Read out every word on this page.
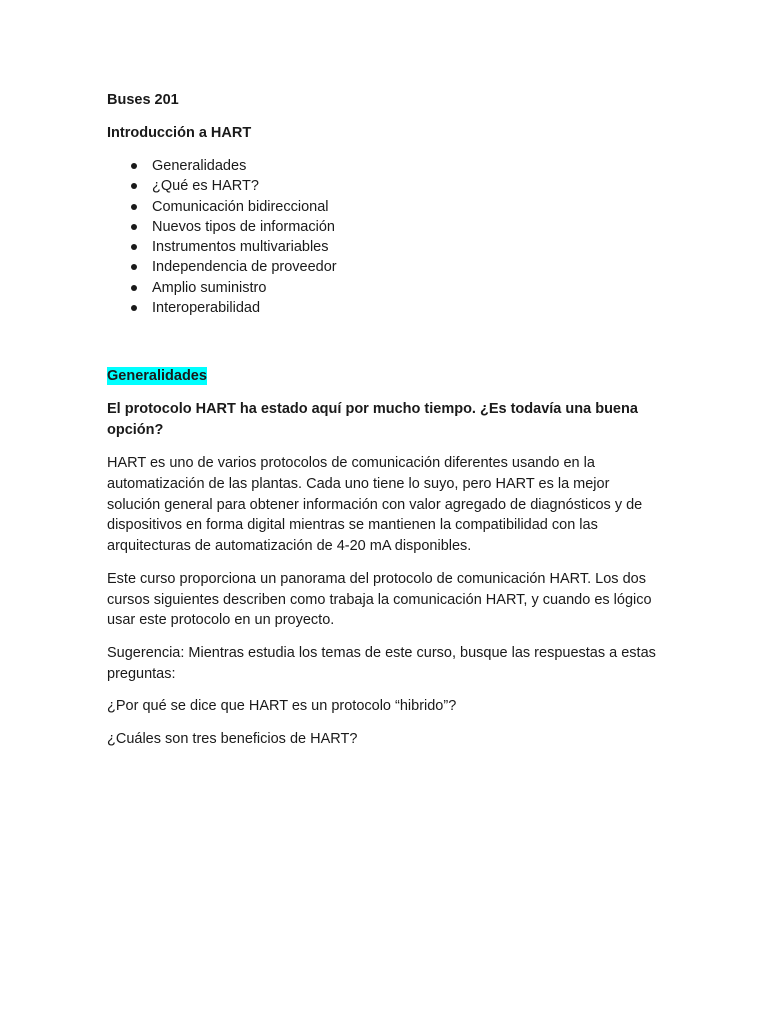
Buses 201

Introducción a HART

Generalidades
¿Qué es HART?
Comunicación bidireccional
Nuevos tipos de información
Instrumentos multivariables
Independencia de proveedor
Amplio suministro
Interoperabilidad

Generalidades

El protocolo HART ha estado aquí por mucho tiempo. ¿Es todavía una buena opción?

HART es uno de varios protocolos de comunicación diferentes usando en la automatización de las plantas. Cada uno tiene lo suyo, pero HART es la mejor solución general para obtener información con valor agregado de diagnósticos y de dispositivos en forma digital mientras se mantienen la compatibilidad con las arquitecturas de automatización de 4-20 mA disponibles.

Este curso proporciona un panorama del protocolo de comunicación HART. Los dos cursos siguientes describen como trabaja la comunicación HART, y cuando es lógico usar este protocolo en un proyecto.

Sugerencia: Mientras estudia los temas de este curso, busque las respuestas a estas preguntas:

¿Por qué se dice que HART es un protocolo “hibrido”?

¿Cuáles son tres beneficios de HART?
